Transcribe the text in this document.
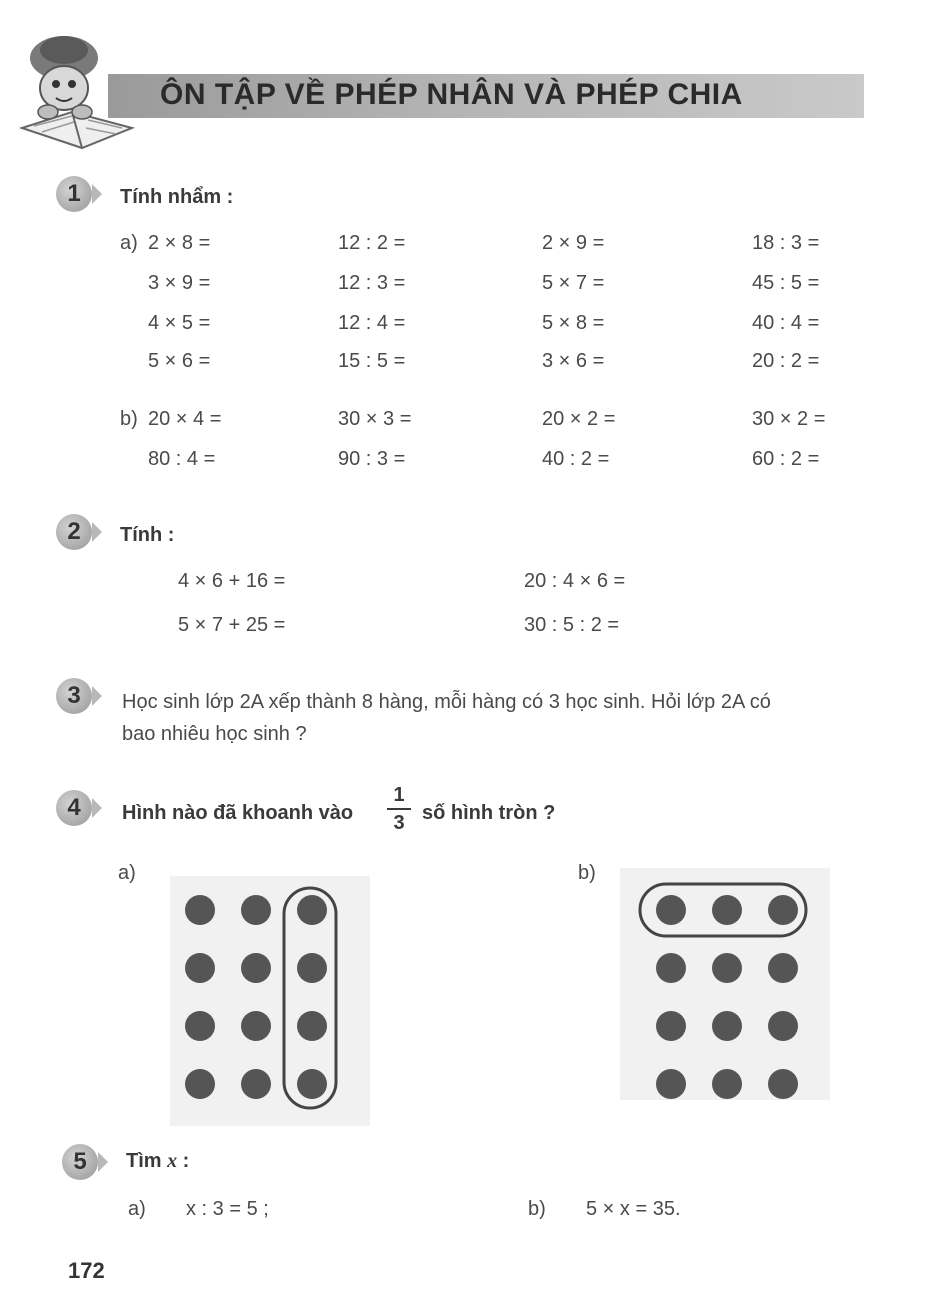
ÔN TẬP VỀ PHÉP NHÂN VÀ PHÉP CHIA
1	Tính nhẩm :
a) 2 × 8 =	12 : 2 =	2 × 9 =	18 : 3 =
3 × 9 =	12 : 3 =	5 × 7 =	45 : 5 =
4 × 5 =	12 : 4 =	5 × 8 =	40 : 4 =
5 × 6 =	15 : 5 =	3 × 6 =	20 : 2 =
b) 20 × 4 =	30 × 3 =	20 × 2 =	30 × 2 =
80 : 4 =	90 : 3 =	40 : 2 =	60 : 2 =
2	Tính :
4 × 6 + 16 =	20 : 4 × 6 =
5 × 7 + 25 =	30 : 5 : 2 =
3	Học sinh lớp 2A xếp thành 8 hàng, mỗi hàng có 3 học sinh. Hỏi lớp 2A có
bao nhiêu học sinh ?
4	Hình nào đã khoanh vào
1
3 số hình tròn ?
a)	b)
5	Tìm x :
a) x : 3 = 5 ;	b) 5 × x = 35.
172
